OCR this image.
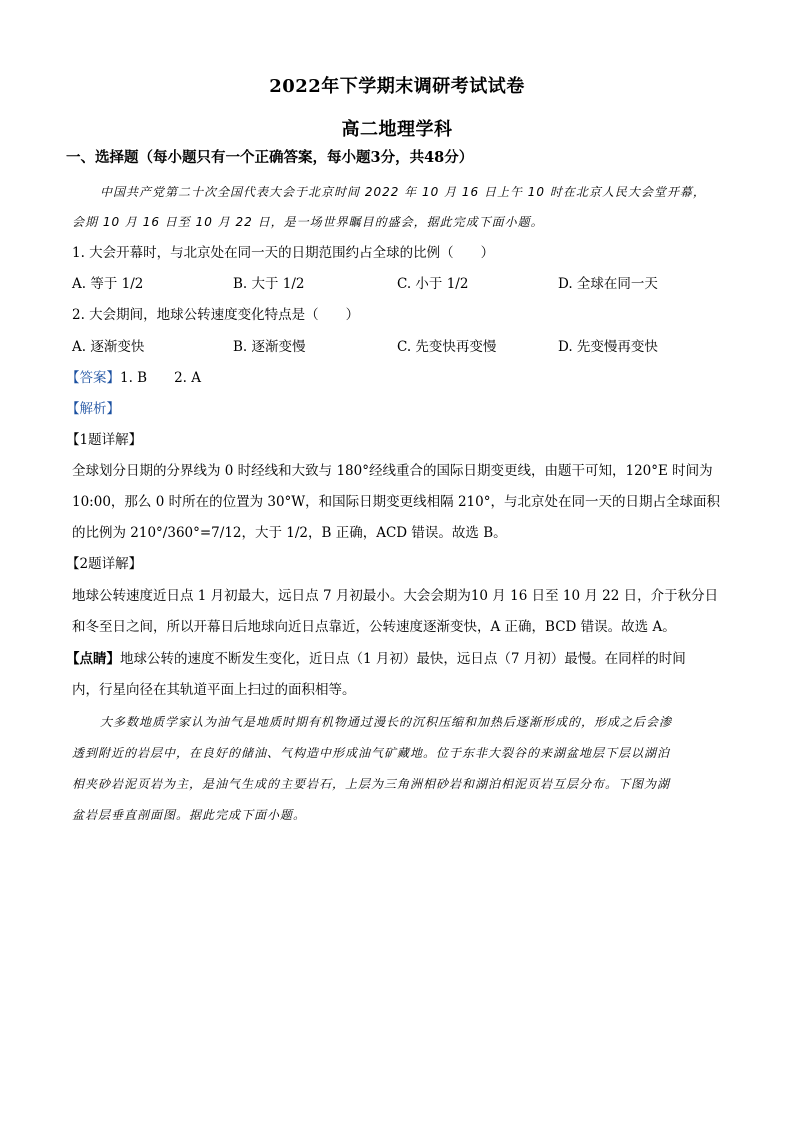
2022年下学期末调研考试试卷
高二地理学科
一、选择题（每小题只有一个正确答案，每小题3分，共48分）
中国共产党第二十次全国代表大会于北京时间 2022 年 10 月 16 日上午 10 时在北京人民大会堂开幕，
会期 10 月 16 日至 10 月 22 日，是一场世界瞩目的盛会，据此完成下面小题。
1. 大会开幕时，与北京处在同一天的日期范围约占全球的比例（　　）
A. 等于 1/2	B. 大于 1/2	C. 小于 1/2	D. 全球在同一天
2. 大会期间，地球公转速度变化特点是（　　）
A. 逐渐变快	B. 逐渐变慢	C. 先变快再变慢	D. 先变慢再变快
【答案】1. B　　2. A
【解析】
【1题详解】
全球划分日期的分界线为 0 时经线和大致与 180°经线重合的国际日期变更线，由题干可知，120°E 时间为
10:00，那么 0 时所在的位置为 30°W，和国际日期变更线相隔 210°，与北京处在同一天的日期占全球面积
的比例为 210°/360°=7/12，大于 1/2，B 正确，ACD 错误。故选 B。
【2题详解】
地球公转速度近日点 1 月初最大，远日点 7 月初最小。大会会期为10 月 16 日至 10 月 22 日，介于秋分日
和冬至日之间，所以开幕日后地球向近日点靠近，公转速度逐渐变快，A 正确，BCD 错误。故选 A。
【点睛】地球公转的速度不断发生变化，近日点（1 月初）最快，远日点（7 月初）最慢。在同样的时间
内，行星向径在其轨道平面上扫过的面积相等。
大多数地质学家认为油气是地质时期有机物通过漫长的沉积压缩和加热后逐渐形成的，形成之后会渗
透到附近的岩层中，在良好的储油、气构造中形成油气矿藏地。位于东非大裂谷的来湖盆地层下层以湖泊
相夹砂岩泥页岩为主，是油气生成的主要岩石，上层为三角洲相砂岩和湖泊相泥页岩互层分布。下图为湖
盆岩层垂直剖面图。据此完成下面小题。
